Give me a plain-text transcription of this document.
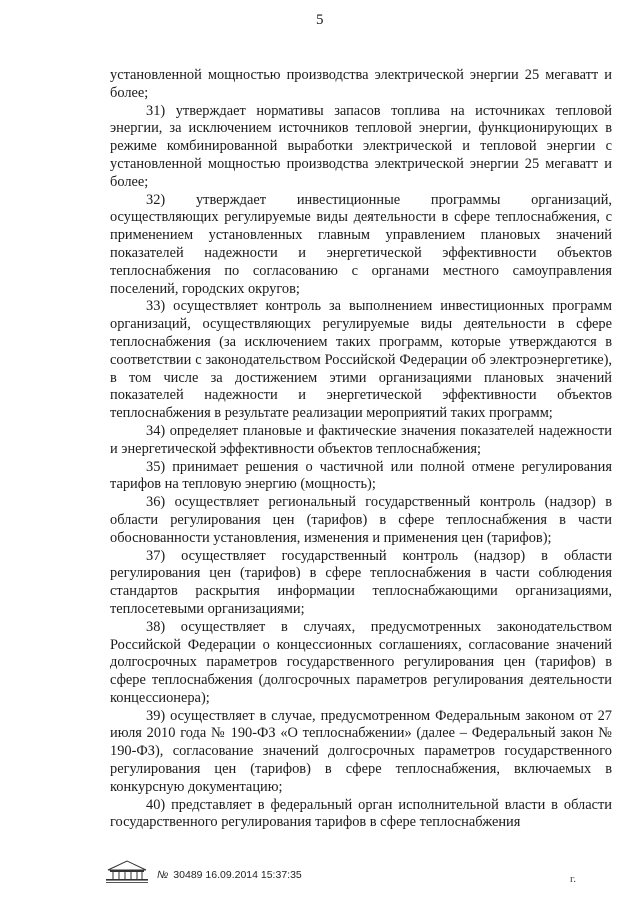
5

установленной мощностью производства электрической энергии 25 мегаватт и более;

31) утверждает нормативы запасов топлива на источниках тепловой энергии, за исключением источников тепловой энергии, функционирующих в режиме комбинированной выработки электрической и тепловой энергии с установленной мощностью производства электрической энергии 25 мегаватт и более;

32) утверждает инвестиционные программы организаций, осуществляющих регулируемые виды деятельности в сфере теплоснабжения, с применением установленных главным управлением плановых значений показателей надежности и энергетической эффективности объектов теплоснабжения по согласованию с органами местного самоуправления поселений, городских округов;

33) осуществляет контроль за выполнением инвестиционных программ организаций, осуществляющих регулируемые виды деятельности в сфере теплоснабжения (за исключением таких программ, которые утверждаются в соответствии с законодательством Российской Федерации об электроэнергетике), в том числе за достижением этими организациями плановых значений показателей надежности и энергетической эффективности объектов теплоснабжения в результате реализации мероприятий таких программ;

34) определяет плановые и фактические значения показателей надежности и энергетической эффективности объектов теплоснабжения;

35) принимает решения о частичной или полной отмене регулирования тарифов на тепловую энергию (мощность);

36) осуществляет региональный государственный контроль (надзор) в области регулирования цен (тарифов) в сфере теплоснабжения в части обоснованности установления, изменения и применения цен (тарифов);

37) осуществляет государственный контроль (надзор) в области регулирования цен (тарифов) в сфере теплоснабжения в части соблюдения стандартов раскрытия информации теплоснабжающими организациями, теплосетевыми организациями;

38) осуществляет в случаях, предусмотренных законодательством Российской Федерации о концессионных соглашениях, согласование значений долгосрочных параметров государственного регулирования цен (тарифов) в сфере теплоснабжения (долгосрочных параметров регулирования деятельности концессионера);

39) осуществляет в случае, предусмотренном Федеральным законом от 27 июля 2010 года № 190-ФЗ «О теплоснабжении» (далее – Федеральный закон № 190-ФЗ), согласование значений долгосрочных параметров государственного регулирования цен (тарифов) в сфере теплоснабжения, включаемых в конкурсную документацию;

40) представляет в федеральный орган исполнительной власти в области государственного регулирования тарифов в сфере теплоснабжения

№ 30489 16.09.2014 15:37:35	г.
